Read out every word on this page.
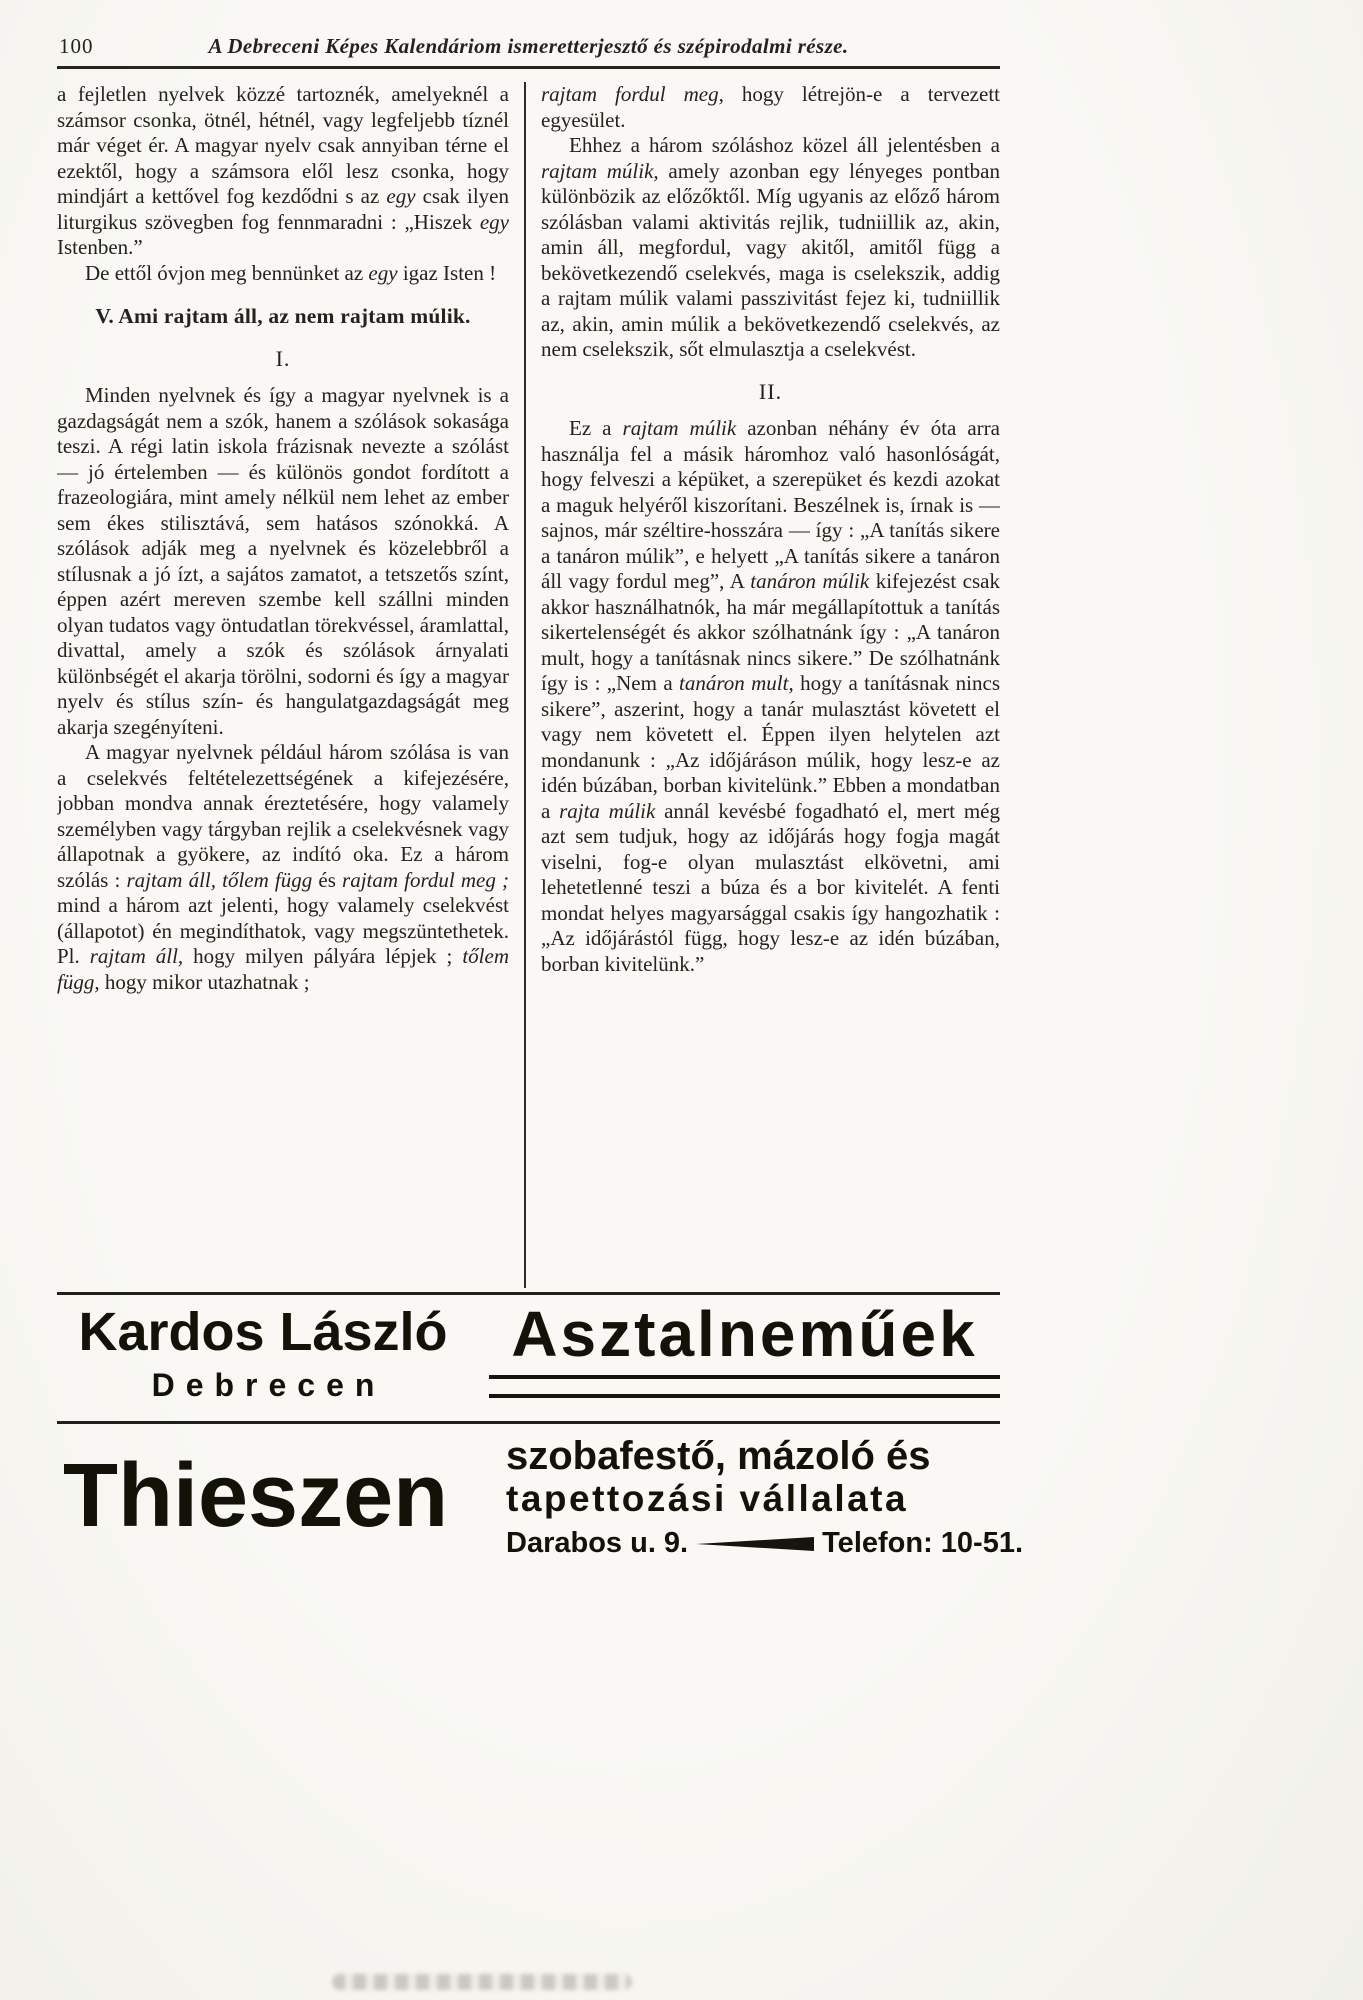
100	A Debreceni Képes Kalendáriom ismeretterjesztő és szépirodalmi része.

a fejletlen nyelvek közzé tartoznék, amelyeknél a számsor csonka, ötnél, hétnél, vagy legfeljebb tíznél már véget ér. A magyar nyelv csak annyiban térne el ezektől, hogy a számsora elől lesz csonka, hogy mindjárt a kettővel fog kezdődni s az egy csak ilyen liturgikus szövegben fog fennmaradni : „Hiszek egy Istenben.”

De ettől óvjon meg bennünket az egy igaz Isten !

V. Ami rajtam áll, az nem rajtam múlik.
I.

Minden nyelvnek és így a magyar nyelvnek is a gazdagságát nem a szók, hanem a szólások sokasága teszi. A régi latin iskola frázisnak nevezte a szólást — jó értelemben — és különös gondot fordított a frazeologiára, mint amely nélkül nem lehet az ember sem ékes stilisztává, sem hatásos szónokká. A szólások adják meg a nyelvnek és közelebbről a stílusnak a jó ízt, a sajátos zamatot, a tetszetős színt, éppen azért mereven szembe kell szállni minden olyan tudatos vagy öntudatlan törekvéssel, áramlattal, divattal, amely a szók és szólások árnyalati különbségét el akarja törölni, sodorni és így a magyar nyelv és stílus szín- és hangulatgazdagságát meg akarja szegényíteni.

A magyar nyelvnek például három szólása is van a cselekvés feltételezettségének a kifejezésére, jobban mondva annak éreztetésére, hogy valamely személyben vagy tárgyban rejlik a cselekvésnek vagy állapotnak a gyökere, az indító oka. Ez a három szólás : rajtam áll, tőlem függ és rajtam fordul meg ; mind a három azt jelenti, hogy valamely cselekvést (állapotot) én megindíthatok, vagy megszüntethetek. Pl. rajtam áll, hogy milyen pályára lépjek ; tőlem függ, hogy mikor utazhatnak ;

rajtam fordul meg, hogy létrejön-e a tervezett egyesület.

Ehhez a három szóláshoz közel áll jelentésben a rajtam múlik, amely azonban egy lényeges pontban különbözik az előzőktől. Míg ugyanis az előző három szólásban valami aktivitás rejlik, tudniillik az, akin, amin áll, megfordul, vagy akitől, amitől függ a bekövetkezendő cselekvés, maga is cselekszik, addig a rajtam múlik valami passzivitást fejez ki, tudniillik az, akin, amin múlik a bekövetkezendő cselekvés, az nem cselekszik, sőt elmulasztja a cselekvést.

II.

Ez a rajtam múlik azonban néhány év óta arra használja fel a másik háromhoz való hasonlóságát, hogy felveszi a képüket, a szerepüket és kezdi azokat a maguk helyéről kiszorítani. Beszélnek is, írnak is — sajnos, már széltire-hosszára — így : „A tanítás sikere a tanáron múlik”, e helyett „A tanítás sikere a tanáron áll vagy fordul meg”, A tanáron múlik kifejezést csak akkor használhatnók, ha már megállapítottuk a tanítás sikertelenségét és akkor szólhatnánk így : „A tanáron mult, hogy a tanításnak nincs sikere.” De szólhatnánk így is : „Nem a tanáron mult, hogy a tanításnak nincs sikere”, aszerint, hogy a tanár mulasztást követett el vagy nem követett el. Éppen ilyen helytelen azt mondanunk : „Az időjáráson múlik, hogy lesz-e az idén búzában, borban kivitelünk.” Ebben a mondatban a rajta múlik annál kevésbé fogadható el, mert még azt sem tudjuk, hogy az időjárás hogy fogja magát viselni, fog-e olyan mulasztást elkövetni, ami lehetetlenné teszi a búza és a bor kivitelét. A fenti mondat helyes magyarsággal csakis így hangozhatik : „Az időjárástól függ, hogy lesz-e az idén búzában, borban kivitelünk.”

Kardos László
Debrecen
Asztalneműek
Thieszen	szobafestő, mázoló és
tapettozási vállalata
Darabos u. 9.	Telefon: 10-51.
